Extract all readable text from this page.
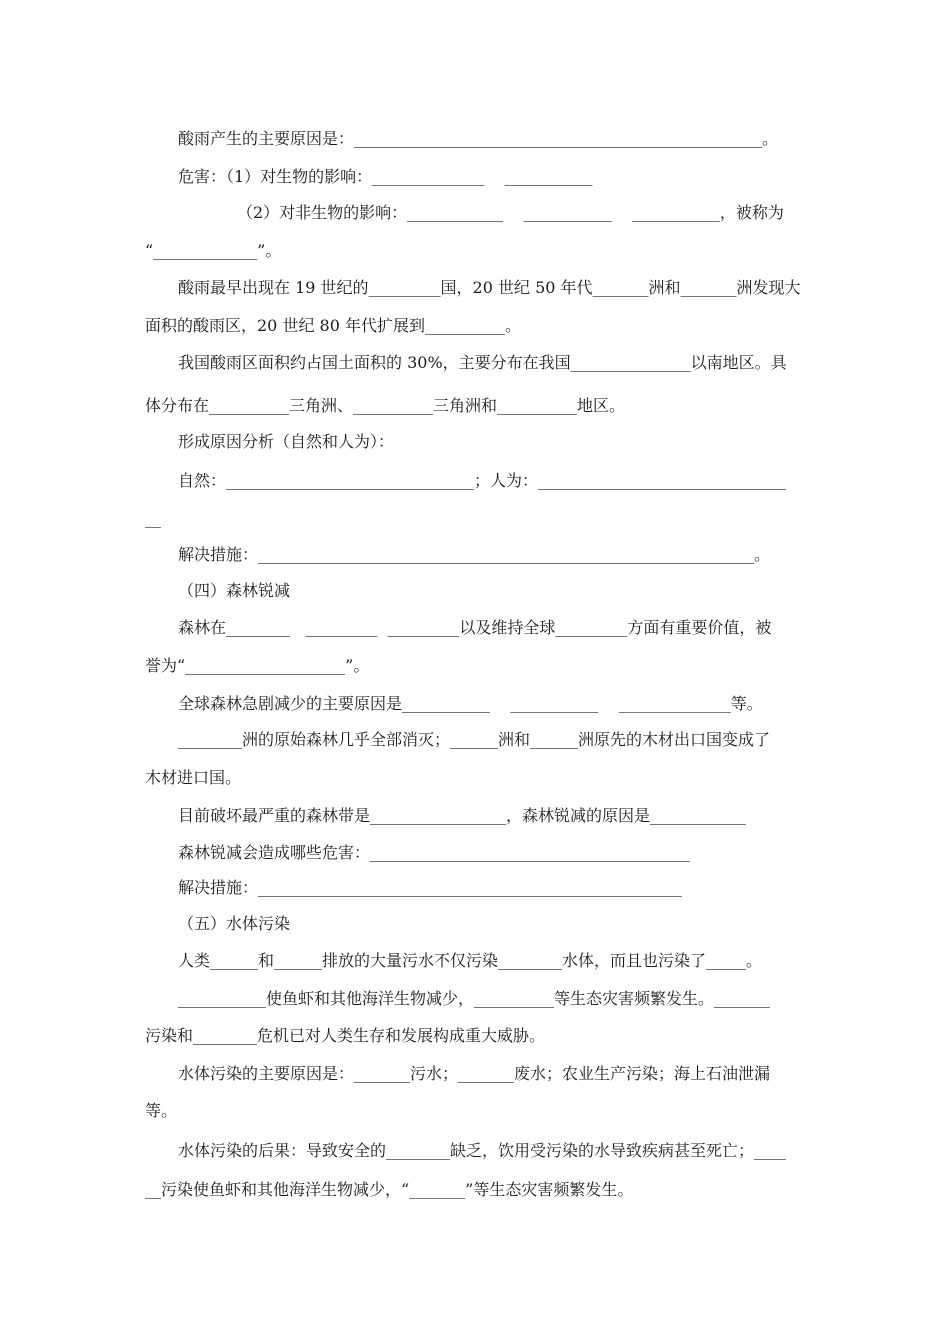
酸雨产生的主要原因是：___________________________________________________。
危害：（1）对生物的影响：______________    ___________
（2）对非生物的影响：____________    ___________    ___________，被称为
“_____________”。
酸雨最早出现在 19 世纪的_________国，20 世纪 50 年代_______洲和_______洲发现大
面积的酸雨区，20 世纪 80 年代扩展到__________。
我国酸雨区面积约占国土面积的 30%，主要分布在我国_______________以南地区。具
体分布在__________三角洲、__________三角洲和__________地区。
形成原因分析（自然和人为）：
自然：_______________________________；人为：_______________________________
__
解决措施：______________________________________________________________。
（四）森林锐减
森林在________   _________  _________以及维持全球_________方面有重要价值，被
誉为“____________________”。
全球森林急剧减少的主要原因是___________    ___________    ______________等。
________洲的原始森林几乎全部消灭；______洲和______洲原先的木材出口国变成了
木材进口国。
目前破坏最严重的森林带是_________________，森林锐减的原因是____________
森林锐减会造成哪些危害：________________________________________
解决措施：_____________________________________________________
（五）水体污染
人类______和______排放的大量污水不仅污染________水体，而且也污染了_____。
___________使鱼虾和其他海洋生物减少，__________等生态灾害频繁发生。_______
污染和________危机已对人类生存和发展构成重大威胁。
水体污染的主要原因是：_______污水；_______废水；农业生产污染；海上石油泄漏
等。
水体污染的后果：导致安全的________缺乏，饮用受污染的水导致疾病甚至死亡；____
__污染使鱼虾和其他海洋生物减少，“_______”等生态灾害频繁发生。
